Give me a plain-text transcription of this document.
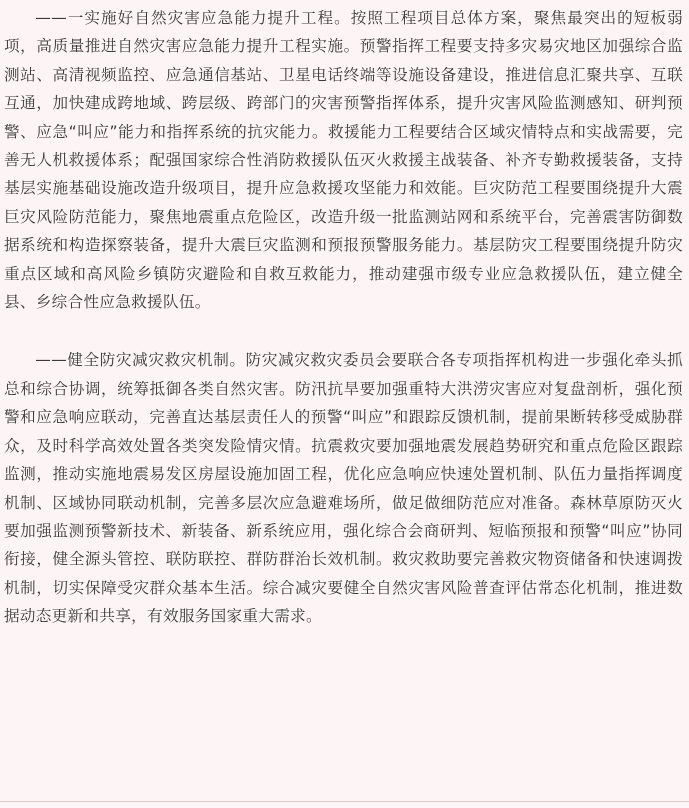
——一实施好自然灾害应急能力提升工程。按照工程项目总体方案，聚焦最突出的短板弱项，高质量推进自然灾害应急能力提升工程实施。预警指挥工程要支持多灾易灾地区加强综合监测站、高清视频监控、应急通信基站、卫星电话终端等设施设备建设，推进信息汇聚共享、互联互通，加快建成跨地域、跨层级、跨部门的灾害预警指挥体系，提升灾害风险监测感知、研判预警、应急“叫应”能力和指挥系统的抗灾能力。救援能力工程要结合区域灾情特点和实战需要，完善无人机救援体系；配强国家综合性消防救援队伍灭火救援主战装备、补齐专勤救援装备，支持基层实施基础设施改造升级项目，提升应急救援攻坚能力和效能。巨灾防范工程要围绕提升大震巨灾风险防范能力，聚焦地震重点危险区，改造升级一批监测站网和系统平台，完善震害防御数据系统和构造探察装备，提升大震巨灾监测和预报预警服务能力。基层防灾工程要围绕提升防灾重点区域和高风险乡镇防灾避险和自救互救能力，推动建强市级专业应急救援队伍，建立健全县、乡综合性应急救援队伍。

——健全防灾减灾救灾机制。防灾减灾救灾委员会要联合各专项指挥机构进一步强化牵头抓总和综合协调，统筹抵御各类自然灾害。防汛抗旱要加强重特大洪涝灾害应对复盘剖析，强化预警和应急响应联动，完善直达基层责任人的预警“叫应”和跟踪反馈机制，提前果断转移受威胁群众，及时科学高效处置各类突发险情灾情。抗震救灾要加强地震发展趋势研究和重点危险区跟踪监测，推动实施地震易发区房屋设施加固工程，优化应急响应快速处置机制、队伍力量指挥调度机制、区域协同联动机制，完善多层次应急避难场所，做足做细防范应对准备。森林草原防灭火要加强监测预警新技术、新装备、新系统应用，强化综合会商研判、短临预报和预警“叫应”协同衔接，健全源头管控、联防联控、群防群治长效机制。救灾救助要完善救灾物资储备和快速调拨机制，切实保障受灾群众基本生活。综合减灾要健全自然灾害风险普查评估常态化机制，推进数据动态更新和共享，有效服务国家重大需求。
